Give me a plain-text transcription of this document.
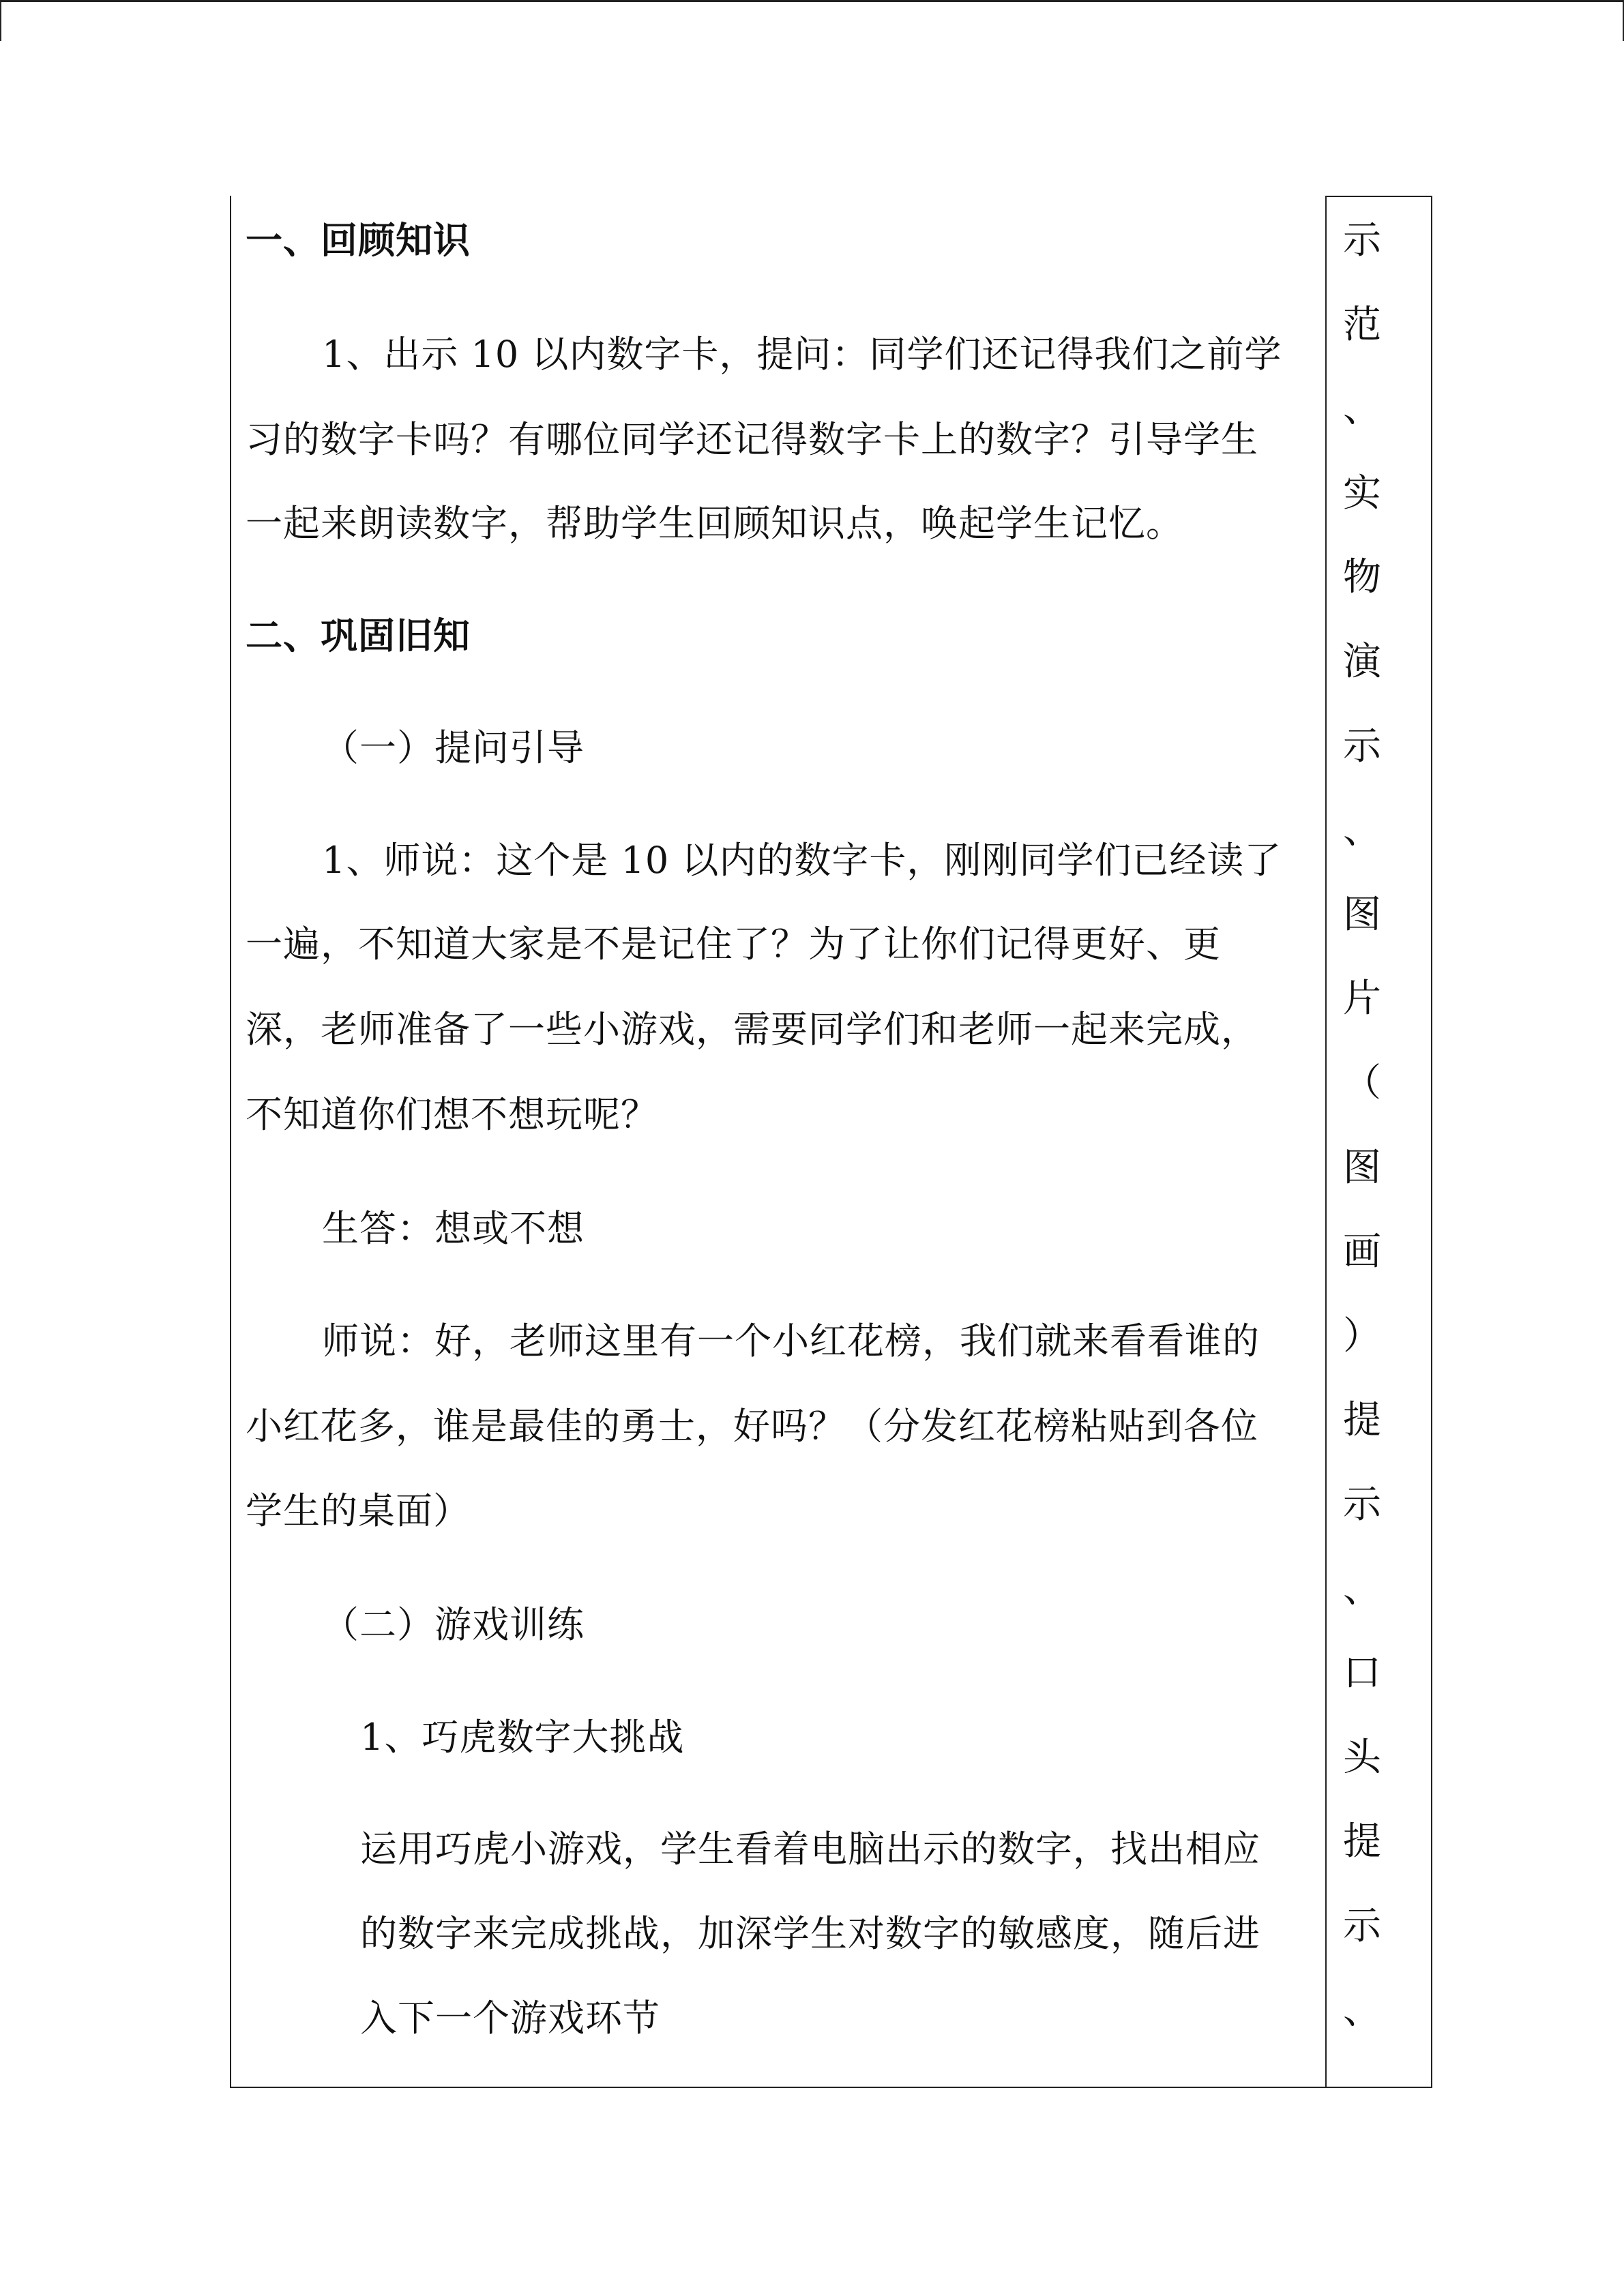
一、回顾知识
1、出示 10 以内数字卡，提问：同学们还记得我们之前学
习的数字卡吗？有哪位同学还记得数字卡上的数字？引导学生
一起来朗读数字，帮助学生回顾知识点，唤起学生记忆。
二、巩固旧知
（一）提问引导
1、师说：这个是 10 以内的数字卡，刚刚同学们已经读了
一遍，不知道大家是不是记住了？为了让你们记得更好、更
深，老师准备了一些小游戏，需要同学们和老师一起来完成，
不知道你们想不想玩呢？
生答：想或不想
师说：好，老师这里有一个小红花榜，我们就来看看谁的
小红花多，谁是最佳的勇士，好吗？（分发红花榜粘贴到各位
学生的桌面）
（二）游戏训练
1、巧虎数字大挑战
运用巧虎小游戏，学生看着电脑出示的数字，找出相应
的数字来完成挑战，加深学生对数字的敏感度，随后进
入下一个游戏环节
示
范
、
实
物
演
示
、
图
片
（
图
画
）
提
示
、
口
头
提
示
、
